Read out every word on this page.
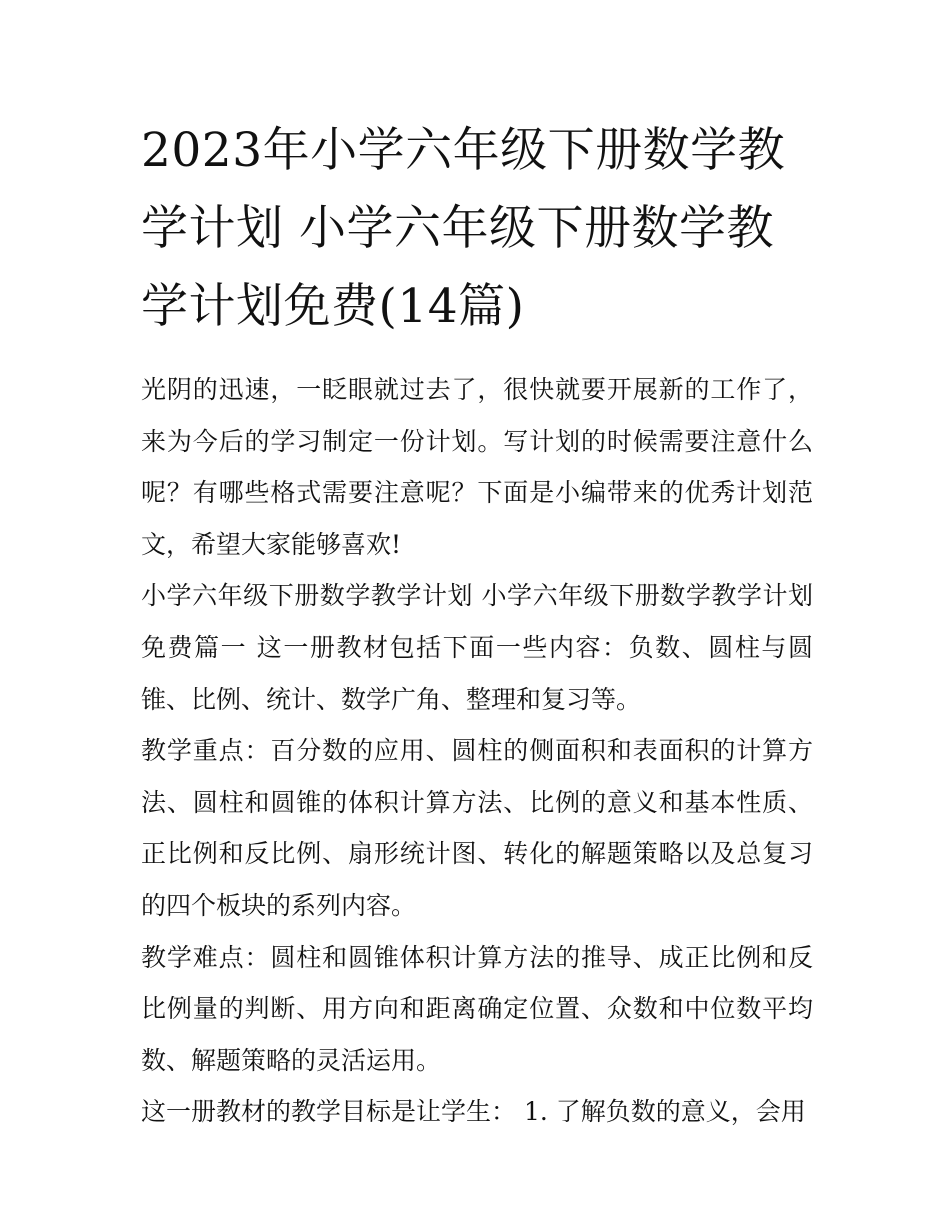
2023年小学六年级下册数学教学计划 小学六年级下册数学教学计划免费(14篇)

光阴的迅速，一眨眼就过去了，很快就要开展新的工作了，来为今后的学习制定一份计划。写计划的时候需要注意什么呢？有哪些格式需要注意呢？下面是小编带来的优秀计划范文，希望大家能够喜欢!

小学六年级下册数学教学计划 小学六年级下册数学教学计划免费篇一 这一册教材包括下面一些内容：负数、圆柱与圆锥、比例、统计、数学广角、整理和复习等。

教学重点：百分数的应用、圆柱的侧面积和表面积的计算方法、圆柱和圆锥的体积计算方法、比例的意义和基本性质、正比例和反比例、扇形统计图、转化的解题策略以及总复习的四个板块的系列内容。

教学难点：圆柱和圆锥体积计算方法的推导、成正比例和反比例量的判断、用方向和距离确定位置、众数和中位数平均数、解题策略的灵活运用。

这一册教材的教学目标是让学生： 1. 了解负数的意义，会用
